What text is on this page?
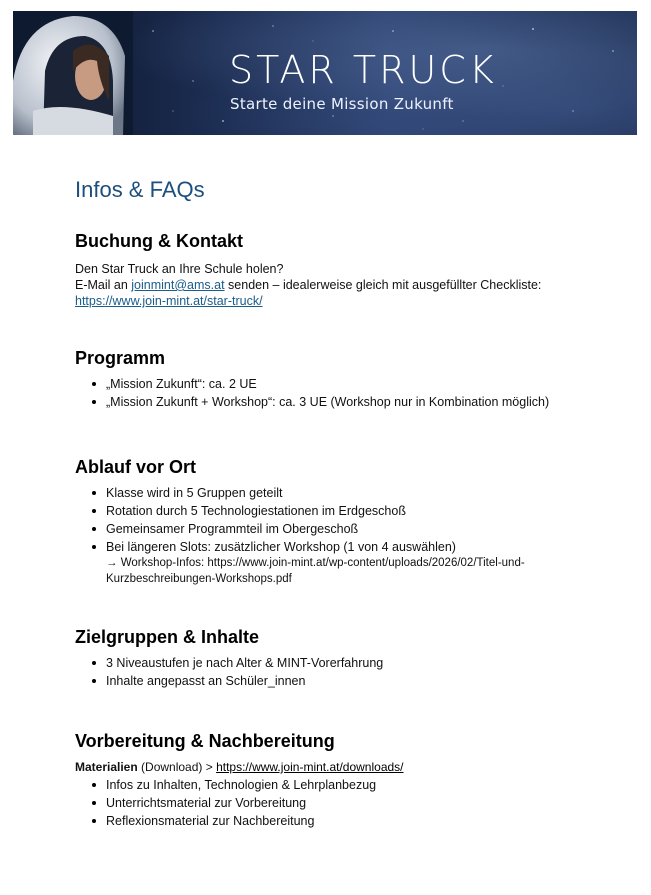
STAR TRUCK
Starte deine Mission Zukunft
Infos & FAQs
Buchung & Kontakt

Den Star Truck an Ihre Schule holen?

E-Mail an joinmint@ams.at senden – idealerweise gleich mit ausgefüllter Checkliste:

https://www.join-mint.at/star-truck/

Programm
„Mission Zukunft“: ca. 2 UE
„Mission Zukunft + Workshop“: ca. 3 UE (Workshop nur in Kombination möglich)
Ablauf vor Ort
Klasse wird in 5 Gruppen geteilt
Rotation durch 5 Technologiestationen im Erdgeschoß
Gemeinsamer Programmteil im Obergeschoß
Bei längeren Slots: zusätzlicher Workshop (1 von 4 auswählen)
→ Workshop-Infos: https://www.join-mint.at/wp-content/uploads/2026/02/Titel-und-
Kurzbeschreibungen-Workshops.pdf
Zielgruppen & Inhalte
3 Niveaustufen je nach Alter & MINT-Vorerfahrung
Inhalte angepasst an Schüler_innen
Vorbereitung & Nachbereitung

Materialien (Download) > https://www.join-mint.at/downloads/

Infos zu Inhalten, Technologien & Lehrplanbezug
Unterrichtsmaterial zur Vorbereitung
Reflexionsmaterial zur Nachbereitung
